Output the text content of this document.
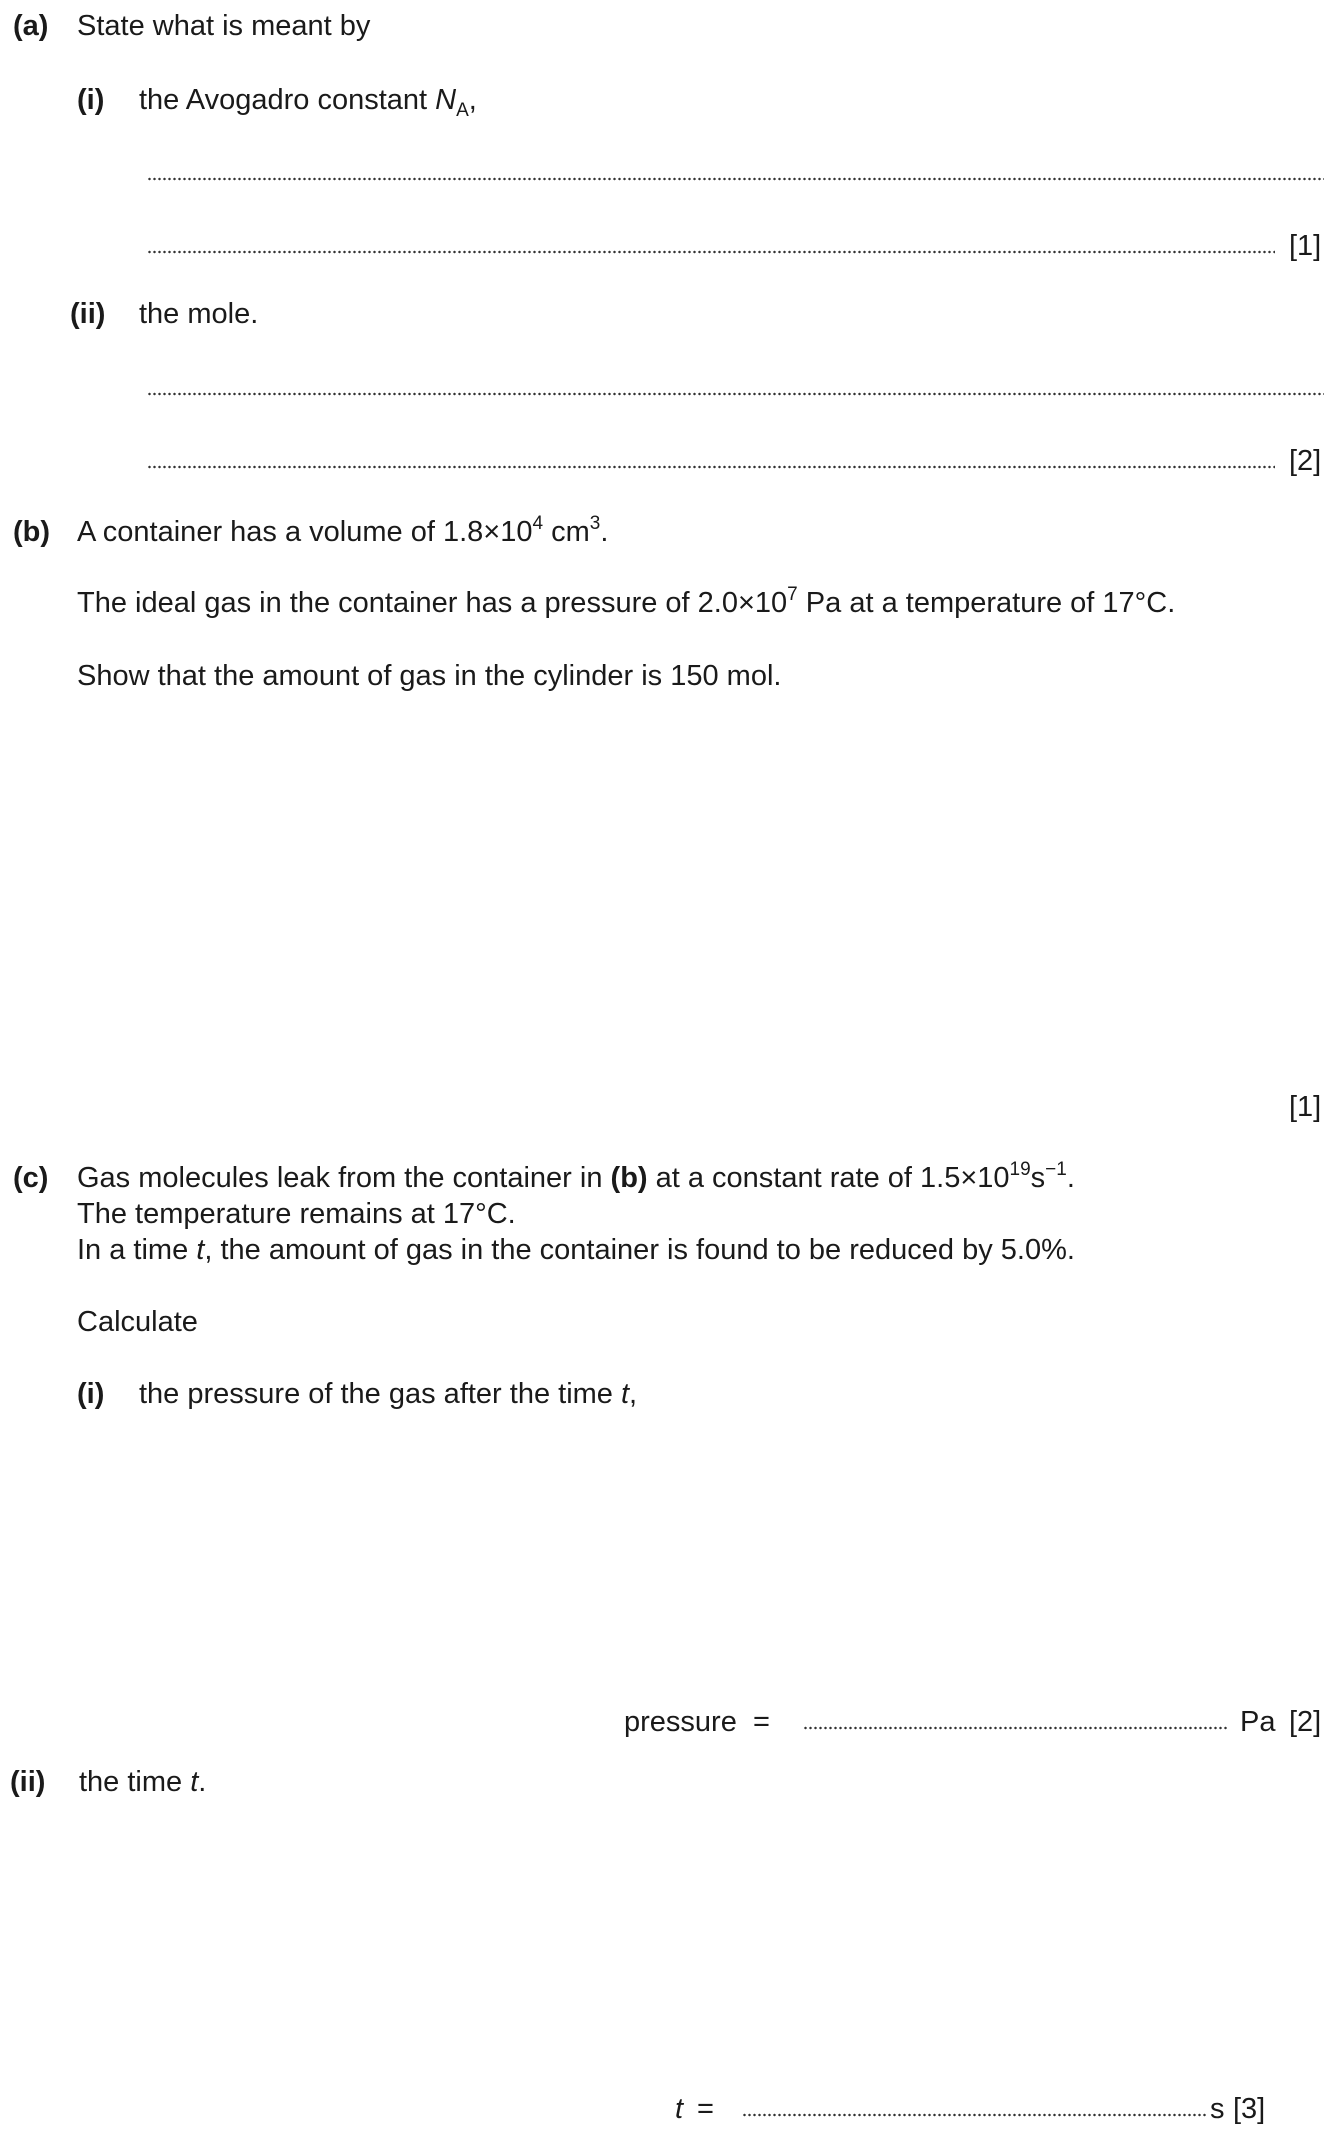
(a) State what is meant by
(i) the Avogadro constant $N_A$,
[1]
(ii) the mole.
[2]
(b) A container has a volume of $1.8\times 10^4$ $cm^3$.
The ideal gas in the container has a pressure of $2.0\times 10^7$ Pa at a temperature of 17°C.
Show that the amount of gas in the cylinder is 150 mol.
[1]
(c) Gas molecules leak from the container in (b) at a constant rate of $1.5\times 10^{19}s^{-1}$.
The temperature remains at 17°C.
In a time t, the amount of gas in the container is found to be reduced by 5.0%.
Calculate
(i) the pressure of the gas after the time t,
pressure  =	Pa [2]
(ii) the time t.
t =	s [3]
